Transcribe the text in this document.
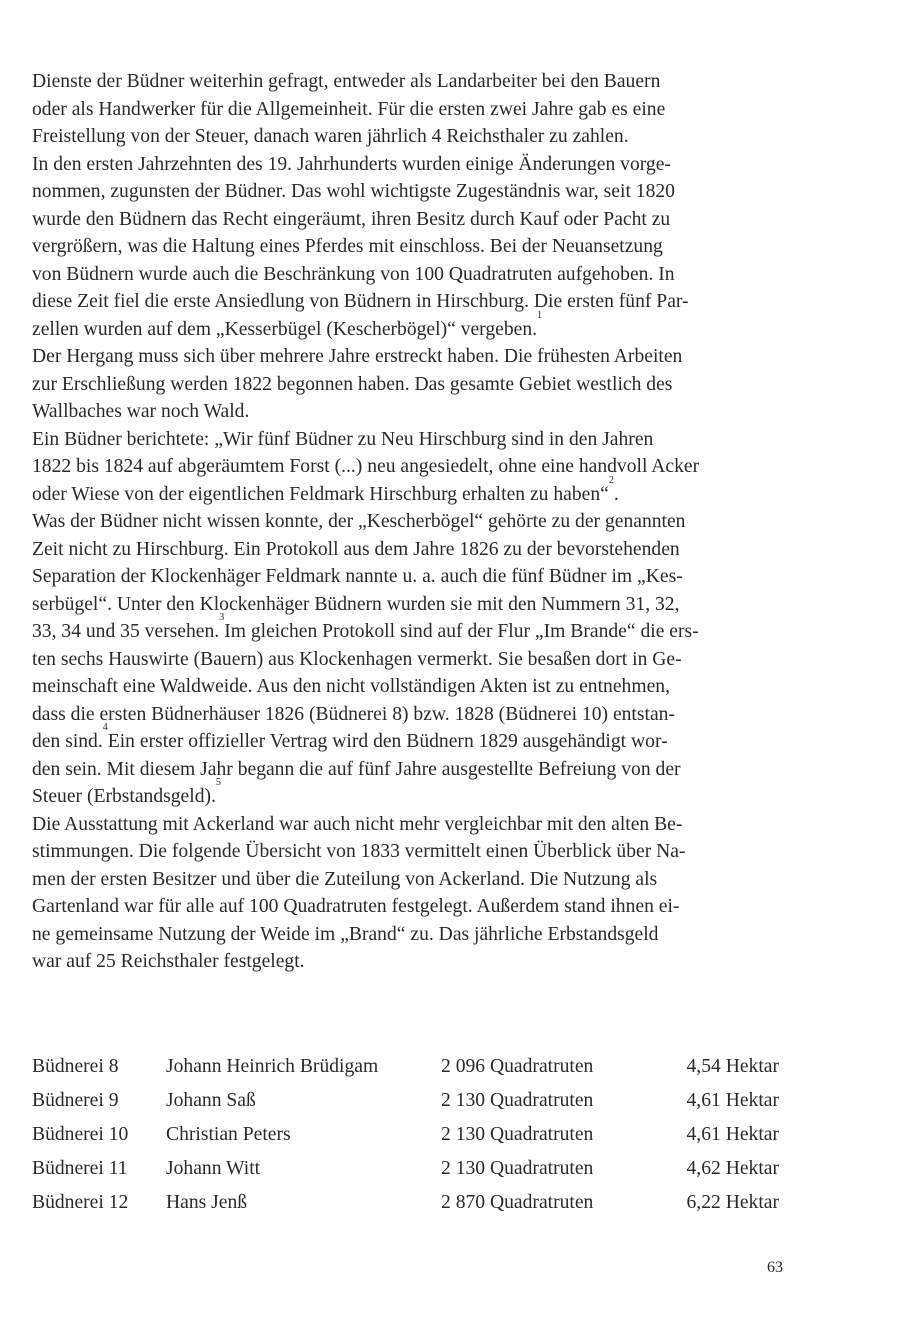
Dienste der Büdner weiterhin gefragt, entweder als Landarbeiter bei den Bauern
oder als Handwerker für die Allgemeinheit. Für die ersten zwei Jahre gab es eine
Freistellung von der Steuer, danach waren jährlich 4 Reichsthaler zu zahlen.
In den ersten Jahrzehnten des 19. Jahrhunderts wurden einige Änderungen vorge-
nommen, zugunsten der Büdner. Das wohl wichtigste Zugeständnis war, seit 1820
wurde den Büdnern das Recht eingeräumt, ihren Besitz durch Kauf oder Pacht zu
vergrößern, was die Haltung eines Pferdes mit einschloss. Bei der Neuansetzung
von Büdnern wurde auch die Beschränkung von 100 Quadratruten aufgehoben. In
diese Zeit fiel die erste Ansiedlung von Büdnern in Hirschburg. Die ersten fünf Par-
zellen wurden auf dem „Kesserbügel (Kescherbögel)“ vergeben.
1
Der Hergang muss sich über mehrere Jahre erstreckt haben. Die frühesten Arbeiten
zur Erschließung werden 1822 begonnen haben. Das gesamte Gebiet westlich des
Wallbaches war noch Wald.
Ein Büdner berichtete: „Wir fünf Büdner zu Neu Hirschburg sind in den Jahren
1822 bis 1824 auf abgeräumtem Forst (...) neu angesiedelt, ohne eine handvoll Acker
oder Wiese von der eigentlichen Feldmark Hirschburg erhalten zu haben“
2
.
Was der Büdner nicht wissen konnte, der „Kescherbögel“ gehörte zu der genannten
Zeit nicht zu Hirschburg. Ein Protokoll aus dem Jahre 1826 zu der bevorstehenden
Separation der Klockenhäger Feldmark nannte u. a. auch die fünf Büdner im „Kes-
serbügel“. Unter den Klockenhäger Büdnern wurden sie mit den Nummern 31, 32,
33, 34 und 35 versehen.
3
Im gleichen Protokoll sind auf der Flur „Im Brande“ die ers-
ten sechs Hauswirte (Bauern) aus Klockenhagen vermerkt. Sie besaßen dort in Ge-
meinschaft eine Waldweide. Aus den nicht vollständigen Akten ist zu entnehmen,
dass die ersten Büdnerhäuser 1826 (Büdnerei 8) bzw. 1828 (Büdnerei 10) entstan-
den sind.
4
Ein erster offizieller Vertrag wird den Büdnern 1829 ausgehändigt wor-
den sein. Mit diesem Jahr begann die auf fünf Jahre ausgestellte Befreiung von der
Steuer (Erbstandsgeld).
5
Die Ausstattung mit Ackerland war auch nicht mehr vergleichbar mit den alten Be-
stimmungen. Die folgende Übersicht von 1833 vermittelt einen Überblick über Na-
men der ersten Besitzer und über die Zuteilung von Ackerland. Die Nutzung als
Gartenland war für alle auf 100 Quadratruten festgelegt. Außerdem stand ihnen ei-
ne gemeinsame Nutzung der Weide im „Brand“ zu. Das jährliche Erbstandsgeld
war auf 25 Reichsthaler festgelegt.
Büdnerei 8	Johann Heinrich Brüdigam	2 096 Quadratruten	4,54 Hektar
Büdnerei 9	Johann Saß	2 130 Quadratruten	4,61 Hektar
Büdnerei 10	Christian Peters	2 130 Quadratruten	4,61 Hektar
Büdnerei 11	Johann Witt	2 130 Quadratruten	4,62 Hektar
Büdnerei 12	Hans Jenß	2 870 Quadratruten	6,22 Hektar
63
